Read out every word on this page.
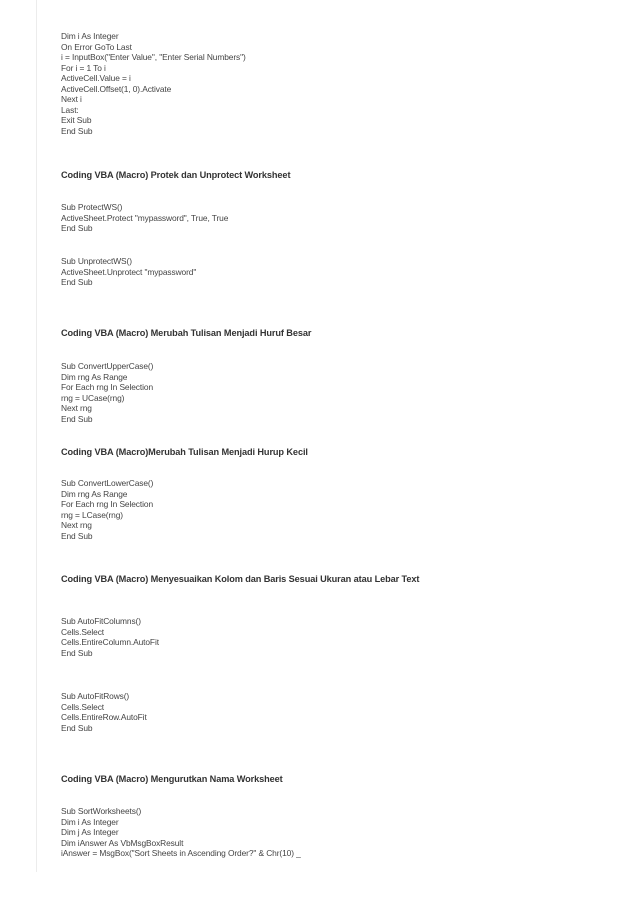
Dim i As Integer
On Error GoTo Last
i = InputBox("Enter Value", "Enter Serial Numbers")
For i = 1 To i
ActiveCell.Value = i
ActiveCell.Offset(1, 0).Activate
Next i
Last:
Exit Sub
End Sub
Coding VBA (Macro) Protek dan Unprotect Worksheet
Sub ProtectWS()
ActiveSheet.Protect "mypassword", True, True
End Sub
Sub UnprotectWS()
ActiveSheet.Unprotect "mypassword"
End Sub
Coding VBA (Macro) Merubah Tulisan Menjadi Huruf Besar
Sub ConvertUpperCase()
Dim rng As Range
For Each rng In Selection
rng = UCase(rng)
Next rng
End Sub
Coding VBA (Macro)Merubah Tulisan Menjadi Hurup Kecil
Sub ConvertLowerCase()
Dim rng As Range
For Each rng In Selection
rng = LCase(rng)
Next rng
End Sub
Coding VBA (Macro) Menyesuaikan Kolom dan Baris Sesuai Ukuran atau Lebar Text
Sub AutoFitColumns()
Cells.Select
Cells.EntireColumn.AutoFit
End Sub
Sub AutoFitRows()
Cells.Select
Cells.EntireRow.AutoFit
End Sub
Coding VBA (Macro) Mengurutkan Nama Worksheet
Sub SortWorksheets()
Dim i As Integer
Dim j As Integer
Dim iAnswer As VbMsgBoxResult
iAnswer = MsgBox("Sort Sheets in Ascending Order?" & Chr(10) _
